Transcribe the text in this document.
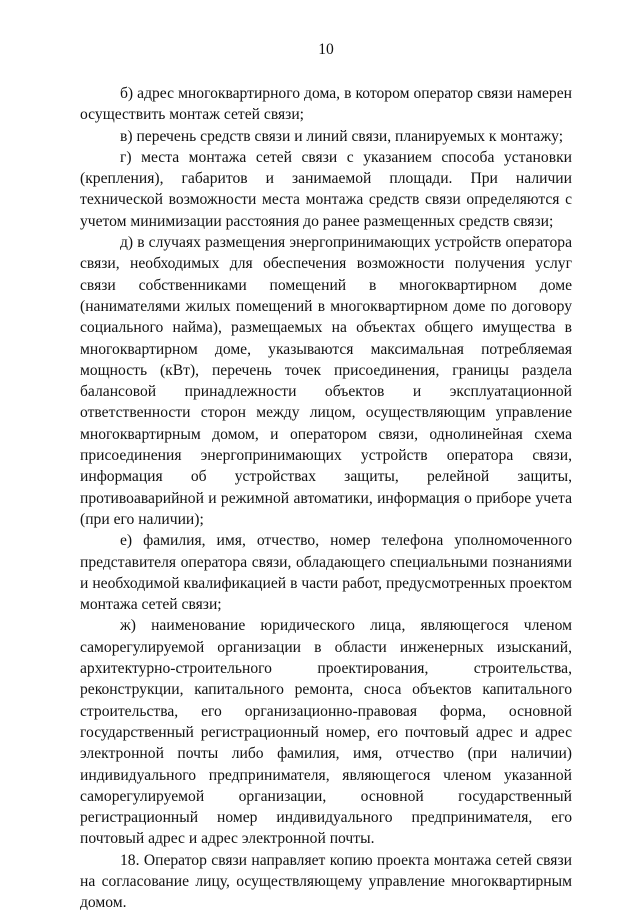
10

б) адрес многоквартирного дома, в котором оператор связи намерен осуществить монтаж сетей связи;

в) перечень средств связи и линий связи, планируемых к монтажу;

г) места монтажа сетей связи с указанием способа установки (крепления), габаритов и занимаемой площади. При наличии технической возможности места монтажа средств связи определяются с учетом минимизации расстояния до ранее размещенных средств связи;

д) в случаях размещения энергопринимающих устройств оператора связи, необходимых для обеспечения возможности получения услуг связи собственниками помещений в многоквартирном доме (нанимателями жилых помещений в многоквартирном доме по договору социального найма), размещаемых на объектах общего имущества в многоквартирном доме, указываются максимальная потребляемая мощность (кВт), перечень точек присоединения, границы раздела балансовой принадлежности объектов и эксплуатационной ответственности сторон между лицом, осуществляющим управление многоквартирным домом, и оператором связи, однолинейная схема присоединения энергопринимающих устройств оператора связи, информация об устройствах защиты, релейной защиты, противоаварийной и режимной автоматики, информация о приборе учета (при его наличии);

е) фамилия, имя, отчество, номер телефона уполномоченного представителя оператора связи, обладающего специальными познаниями и необходимой квалификацией в части работ, предусмотренных проектом монтажа сетей связи;

ж) наименование юридического лица, являющегося членом саморегулируемой организации в области инженерных изысканий, архитектурно-строительного проектирования, строительства, реконструкции, капитального ремонта, сноса объектов капитального строительства, его организационно-правовая форма, основной государственный регистрационный номер, его почтовый адрес и адрес электронной почты либо фамилия, имя, отчество (при наличии) индивидуального предпринимателя, являющегося членом указанной саморегулируемой организации, основной государственный регистрационный номер индивидуального предпринимателя, его почтовый адрес и адрес электронной почты.

18. Оператор связи направляет копию проекта монтажа сетей связи на согласование лицу, осуществляющему управление многоквартирным домом.
